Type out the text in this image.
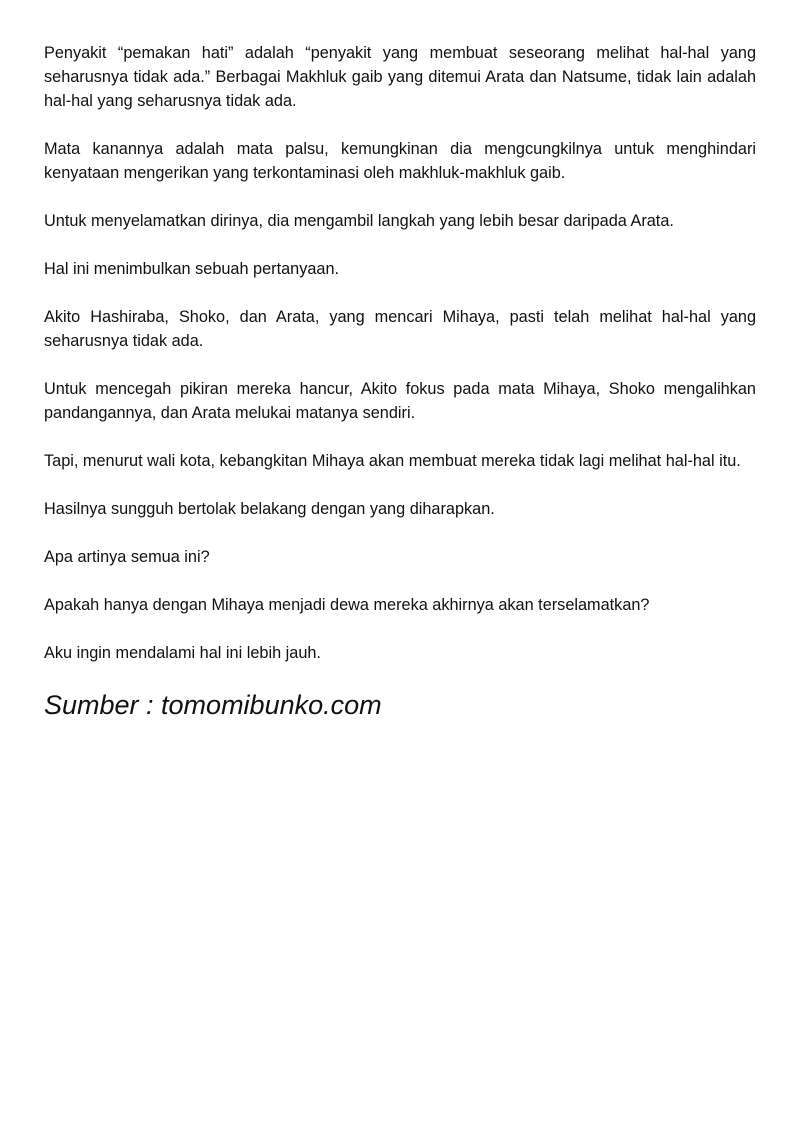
Penyakit “pemakan hati” adalah “penyakit yang membuat seseorang melihat hal-hal yang seharusnya tidak ada.” Berbagai Makhluk gaib yang ditemui Arata dan Natsume, tidak lain adalah hal-hal yang seharusnya tidak ada.

Mata kanannya adalah mata palsu, kemungkinan dia mengcungkilnya untuk menghindari kenyataan mengerikan yang terkontaminasi oleh makhluk-makhluk gaib.

Untuk menyelamatkan dirinya, dia mengambil langkah yang lebih besar daripada Arata.

Hal ini menimbulkan sebuah pertanyaan.

Akito Hashiraba, Shoko, dan Arata, yang mencari Mihaya, pasti telah melihat hal-hal yang seharusnya tidak ada.

Untuk mencegah pikiran mereka hancur, Akito fokus pada mata Mihaya, Shoko mengalihkan pandangannya, dan Arata melukai matanya sendiri.

Tapi, menurut wali kota, kebangkitan Mihaya akan membuat mereka tidak lagi melihat hal-hal itu.

Hasilnya sungguh bertolak belakang dengan yang diharapkan.

Apa artinya semua ini?

Apakah hanya dengan Mihaya menjadi dewa mereka akhirnya akan terselamatkan?

Aku ingin mendalami hal ini lebih jauh.

Sumber : tomomibunko.com
